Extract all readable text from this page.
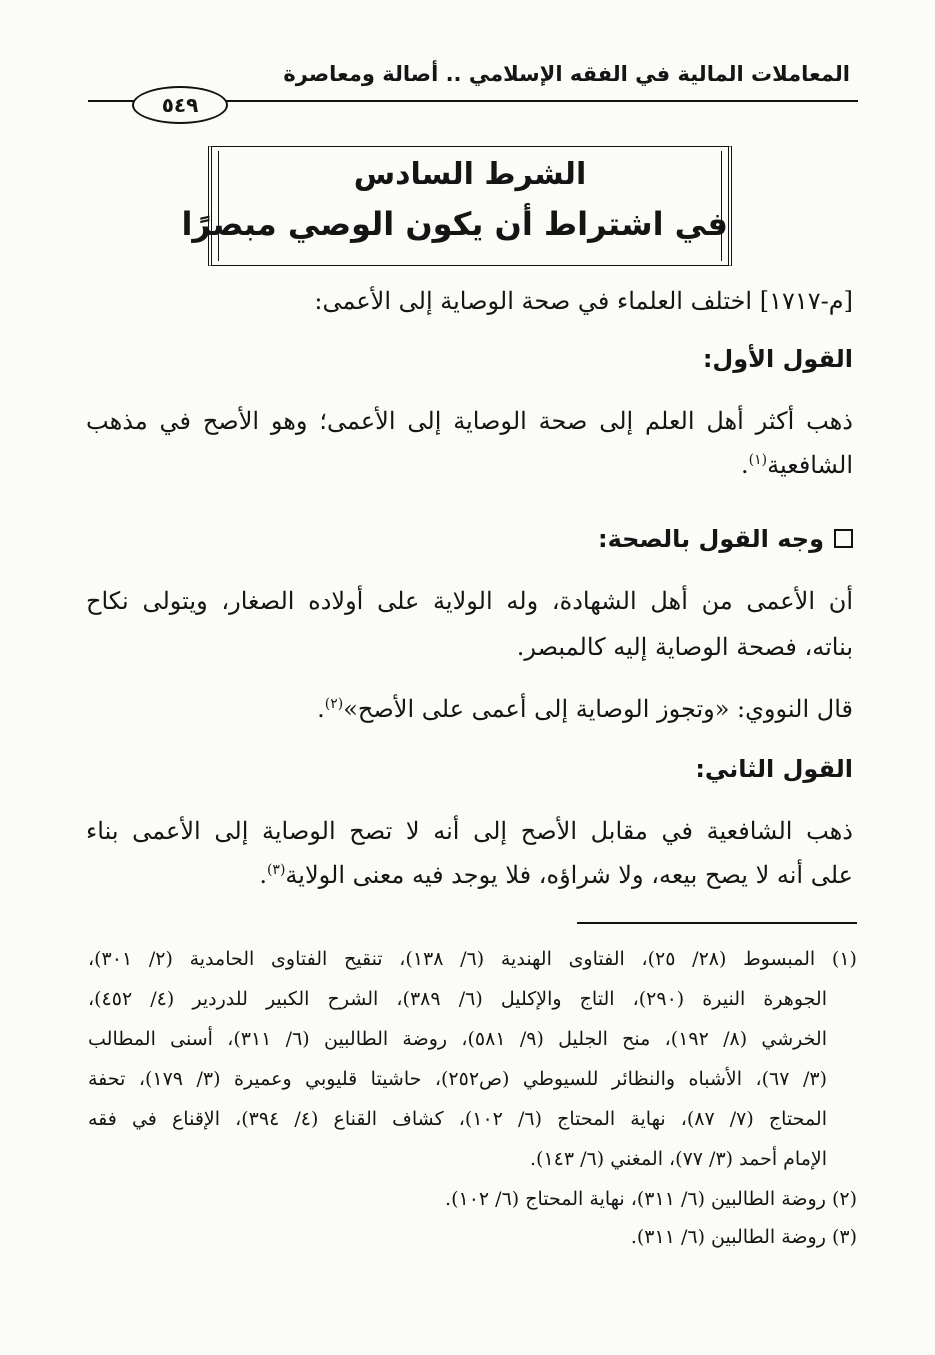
المعاملات المالية في الفقه الإسلامي .. أصالة ومعاصرة
٥٤٩
الشرط السادس
في اشتراط أن يكون الوصي مبصرًا
[م-١٧١٧] اختلف العلماء في صحة الوصاية إلى الأعمى:
القول الأول:
ذهب أكثر أهل العلم إلى صحة الوصاية إلى الأعمى؛ وهو الأصح في مذهب
الشافعية$^{(١)}$.
وجه القول بالصحة:
أن الأعمى من أهل الشهادة، وله الولاية على أولاده الصغار، ويتولى نكاح
بناته، فصحة الوصاية إليه كالمبصر.
قال النووي: «وتجوز الوصاية إلى أعمى على الأصح»$^{(٢)}$.
القول الثاني:
ذهب الشافعية في مقابل الأصح إلى أنه لا تصح الوصاية إلى الأعمى بناء
على أنه لا يصح بيعه، ولا شراؤه، فلا يوجد فيه معنى الولاية$^{(٣)}$.
(١) المبسوط (٢٨/ ٢٥)، الفتاوى الهندية (٦/ ١٣٨)، تنقيح الفتاوى الحامدية (٢/ ٣٠١)،
الجوهرة النيرة (٢٩٠)، التاج والإكليل (٦/ ٣٨٩)، الشرح الكبير للدردير (٤/ ٤٥٢)،
الخرشي (٨/ ١٩٢)، منح الجليل (٩/ ٥٨١)، روضة الطالبين (٦/ ٣١١)، أسنى المطالب
(٣/ ٦٧)، الأشباه والنظائر للسيوطي (ص٢٥٢)، حاشيتا قليوبي وعميرة (٣/ ١٧٩)، تحفة
المحتاج (٧/ ٨٧)، نهاية المحتاج (٦/ ١٠٢)، كشاف القناع (٤/ ٣٩٤)، الإقناع في فقه
الإمام أحمد (٣/ ٧٧)، المغني (٦/ ١٤٣).
(٢) روضة الطالبين (٦/ ٣١١)، نهاية المحتاج (٦/ ١٠٢).
(٣) روضة الطالبين (٦/ ٣١١).
